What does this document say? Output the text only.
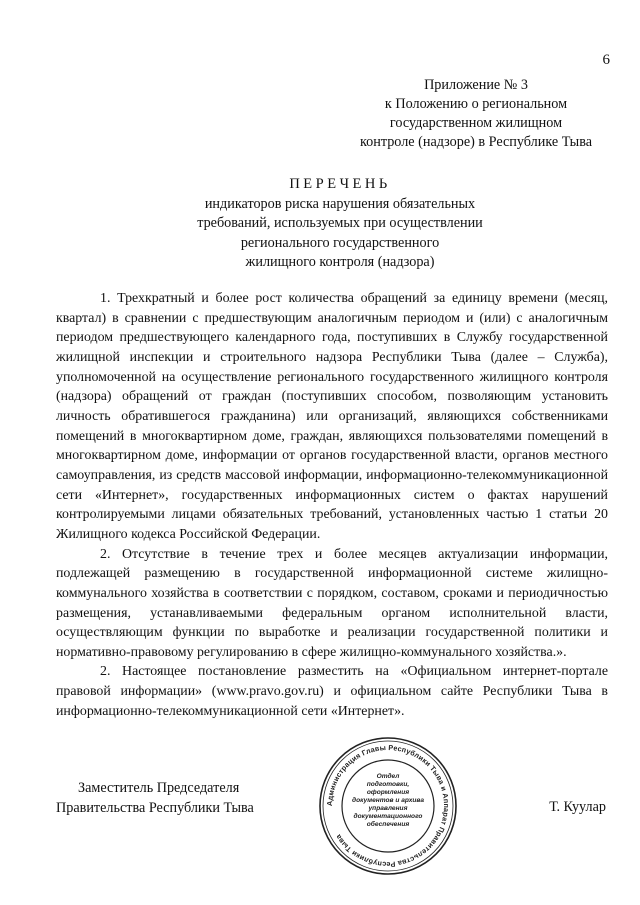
6
Приложение № 3
к Положению о региональном
государственном жилищном
контроле (надзоре) в Республике Тыва
ПЕРЕЧЕНЬ
индикаторов риска нарушения обязательных
требований, используемых при осуществлении
регионального государственного
жилищного контроля (надзора)

1. Трехкратный и более рост количества обращений за единицу времени (месяц, квартал) в сравнении с предшествующим аналогичным периодом и (или) с аналогичным периодом предшествующего календарного года, поступивших в Службу государственной жилищной инспекции и строительного надзора Республики Тыва (далее – Служба), уполномоченной на осуществление регионального государственного жилищного контроля (надзора) обращений от граждан (поступивших способом, позволяющим установить личность обратившегося гражданина) или организаций, являющихся собственниками помещений в многоквартирном доме, граждан, являющихся пользователями помещений в многоквартирном доме, информации от органов государственной власти, органов местного самоуправления, из средств массовой информации, информационно-телекоммуникационной сети «Интернет», государственных информационных систем о фактах нарушений контролируемыми лицами обязательных требований, установленных частью 1 статьи 20 Жилищного кодекса Российской Федерации.

2. Отсутствие в течение трех и более месяцев актуализации информации, подлежащей размещению в государственной информационной системе жилищно-коммунального хозяйства в соответствии с порядком, составом, сроками и периодичностью размещения, устанавливаемыми федеральным органом исполнительной власти, осуществляющим функции по выработке и реализации государственной политики и нормативно-правовому регулированию в сфере жилищно-коммунального хозяйства.».

2. Настоящее постановление разместить на «Официальном интернет-портале правовой информации» (www.pravo.gov.ru) и официальном сайте Республики Тыва в информационно-телекоммуникационной сети «Интернет».

Заместитель Председателя
Правительства Республики Тыва	Администрация Главы Республики Тыва и Аппарат Правительства Республики Тыва
Отдел
подготовки,
оформления
документов и архива
управления
документационного
обеспечения
Т. Куулар
